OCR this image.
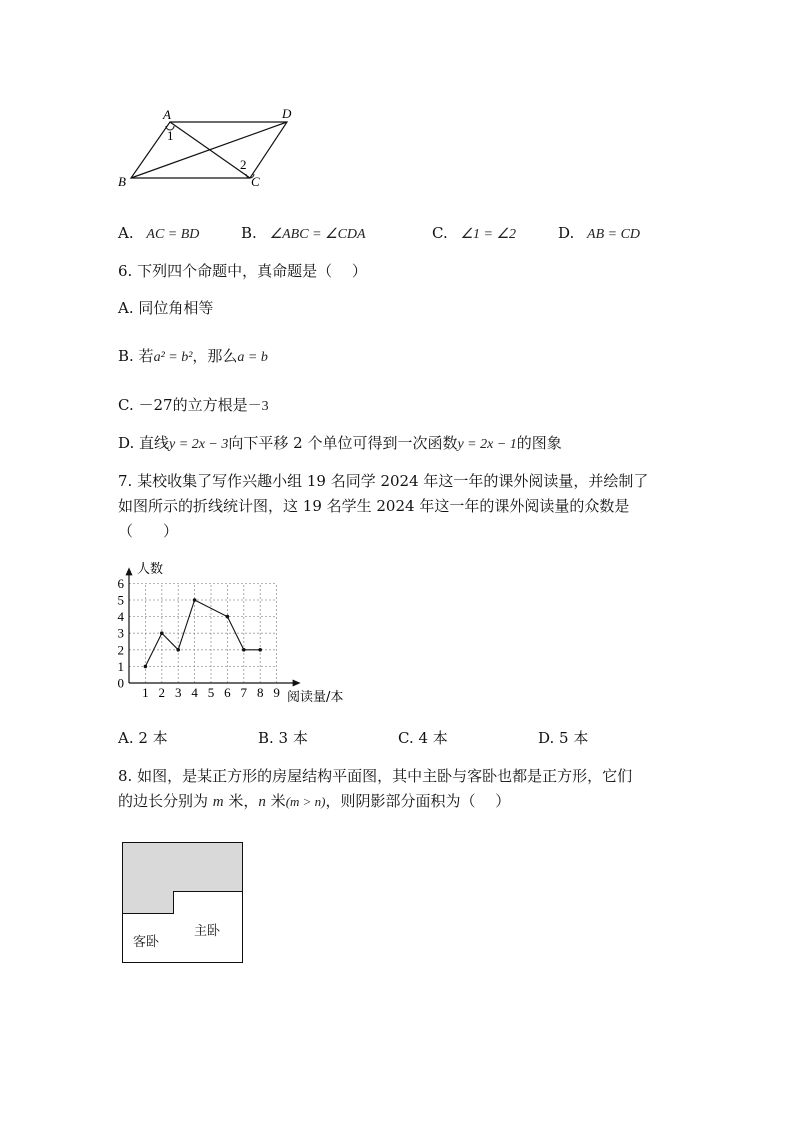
A	D
B	C
1
2
A. AC = BD	B. ∠ABC = ∠CDA	C. ∠1 = ∠2	D. AB = CD
6. 下列四个命题中，真命题是（　 ）
A. 同位角相等
B. 若a² = b²，那么a = b
C. －27的立方根是－3
D. 直线y = 2x − 3向下平移 2 个单位可得到一次函数y = 2x − 1的图象
7. 某校收集了写作兴趣小组 19 名同学 2024 年这一年的课外阅读量，并绘制了
如图所示的折线统计图，这 19 名学生 2024 年这一年的课外阅读量的众数是
（　　）
1 2 3 4 5 6 7 8 9
0
1
2
3
4
5
6
人数
阅读量/本
A. 2 本	B. 3 本	C. 4 本	D. 5 本
8. 如图，是某正方形的房屋结构平面图，其中主卧与客卧也都是正方形，它们
的边长分别为 m 米，n 米(m > n)，则阴影部分面积为（　 ）
主卧
客卧
